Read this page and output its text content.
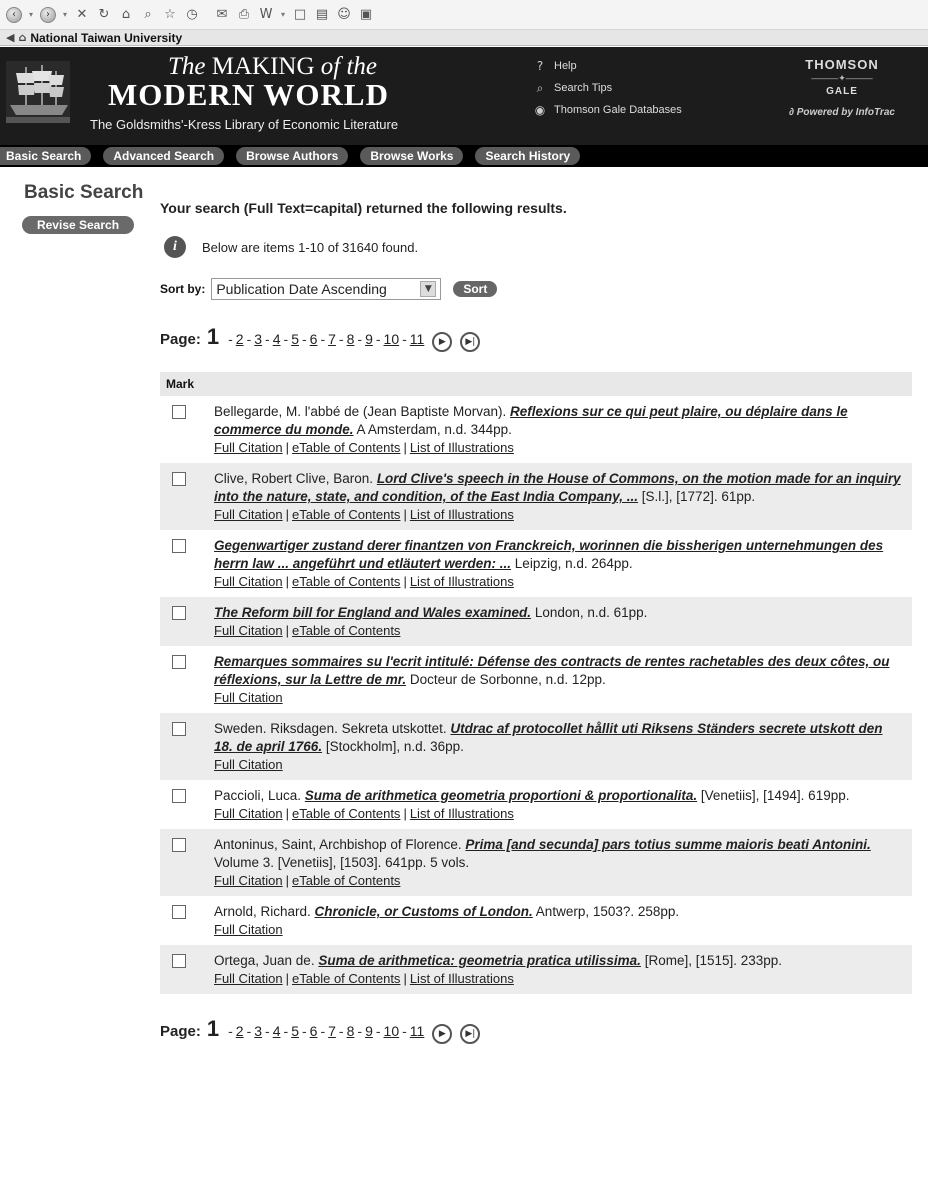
‹	▾	›	▾ ✕ ↻ ⌂	⌕ ☆ ◷	✉ ⎙ W	▾ □ ▤ ☺ ▣
◀ ⌂ National Taiwan University
The MAKING of the
MODERN WORLD
The Goldsmiths'-Kress Library of Economic Literature
? Help
⌕ Search Tips
◉ Thomson Gale Databases
THOMSON
———✦———
GALE
∂ Powered by InfoTrac
Basic Search	Advanced Search	Browse Authors	Browse Works	Search History
Basic Search
Revise Search
Your search (Full Text=capital) returned the following results.
i	Below are items 1-10 of 31640 found.
Sort by: Publication Date Ascending	▼	Sort
Page: 1 - 2 - 3 - 4 - 5 - 6 - 7 - 8 - 9 - 10 - 11	▶	▶|
Mark
Bellegarde, M. l'abbé de (Jean Baptiste Morvan). Reflexions sur ce qui peut plaire, ou déplaire dans le commerce du monde. A Amsterdam, n.d. 344pp.
Full Citation | eTable of Contents | List of Illustrations
Clive, Robert Clive, Baron. Lord Clive's speech in the House of Commons, on the motion made for an inquiry into the nature, state, and condition, of the East India Company, ... [S.l.], [1772]. 61pp.
Full Citation | eTable of Contents | List of Illustrations
Gegenwartiger zustand derer finantzen von Franckreich, worinnen die bissherigen unternehmungen des herrn law ... angeführt und etläutert werden: ... Leipzig, n.d. 264pp.
Full Citation | eTable of Contents | List of Illustrations
The Reform bill for England and Wales examined. London, n.d. 61pp.
Full Citation | eTable of Contents
Remarques sommaires su l'ecrit intitulé: Défense des contracts de rentes rachetables des deux côtes, ou réflexions, sur la Lettre de mr. Docteur de Sorbonne, n.d. 12pp.
Full Citation
Sweden. Riksdagen. Sekreta utskottet. Utdrac af protocollet hållit uti Riksens Ständers secrete utskott den 18. de april 1766. [Stockholm], n.d. 36pp.
Full Citation
Paccioli, Luca. Suma de arithmetica geometria proportioni & proportionalita. [Venetiis], [1494]. 619pp.
Full Citation | eTable of Contents | List of Illustrations
Antoninus, Saint, Archbishop of Florence. Prima [and secunda] pars totius summe maioris beati Antonini. Volume 3. [Venetiis], [1503]. 641pp. 5 vols.
Full Citation | eTable of Contents
Arnold, Richard. Chronicle, or Customs of London. Antwerp, 1503?. 258pp.
Full Citation
Ortega, Juan de. Suma de arithmetica: geometria pratica utilissima. [Rome], [1515]. 233pp.
Full Citation | eTable of Contents | List of Illustrations
Page: 1 - 2 - 3 - 4 - 5 - 6 - 7 - 8 - 9 - 10 - 11	▶	▶|
